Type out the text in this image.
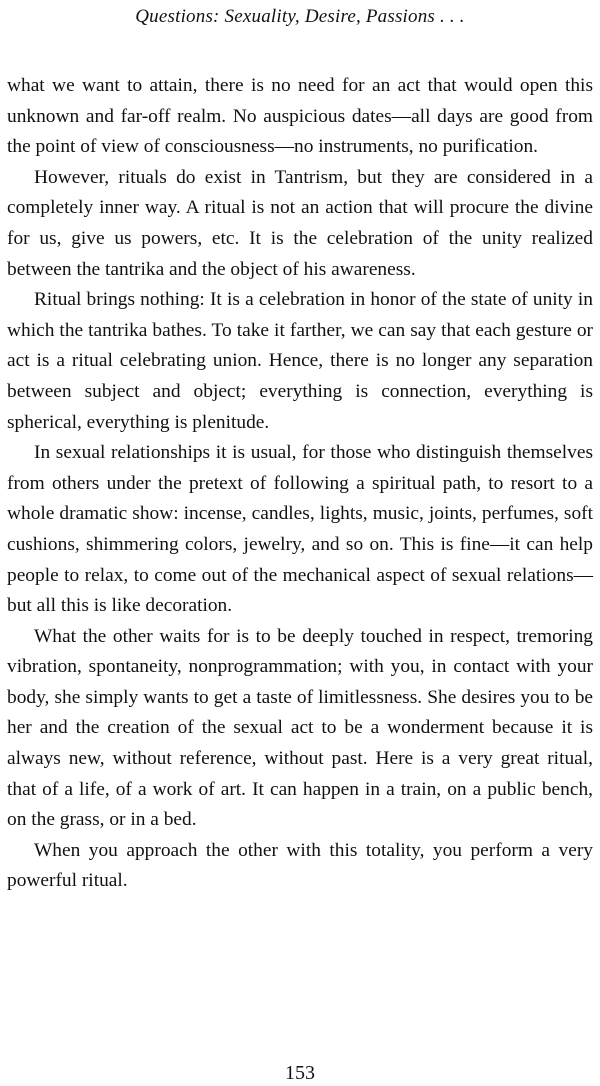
Questions: Sexuality, Desire, Passions . . .

what we want to attain, there is no need for an act that would open this unknown and far-off realm. No auspicious dates—all days are good from the point of view of consciousness—no instruments, no purification.

However, rituals do exist in Tantrism, but they are considered in a completely inner way. A ritual is not an action that will procure the divine for us, give us powers, etc. It is the celebration of the unity realized between the tantrika and the object of his awareness.

Ritual brings nothing: It is a celebration in honor of the state of unity in which the tantrika bathes. To take it farther, we can say that each gesture or act is a ritual celebrating union. Hence, there is no longer any separation between subject and object; everything is connection, everything is spherical, everything is plenitude.

In sexual relationships it is usual, for those who distinguish themselves from others under the pretext of following a spiritual path, to resort to a whole dramatic show: incense, candles, lights, music, joints, perfumes, soft cushions, shimmering colors, jewelry, and so on. This is fine—it can help people to relax, to come out of the mechanical aspect of sexual relations—but all this is like decoration.

What the other waits for is to be deeply touched in respect, tremoring vibration, spontaneity, nonprogrammation; with you, in contact with your body, she simply wants to get a taste of limitlessness. She desires you to be her and the creation of the sexual act to be a wonderment because it is always new, without reference, without past. Here is a very great ritual, that of a life, of a work of art. It can happen in a train, on a public bench, on the grass, or in a bed.

When you approach the other with this totality, you perform a very powerful ritual.

153
